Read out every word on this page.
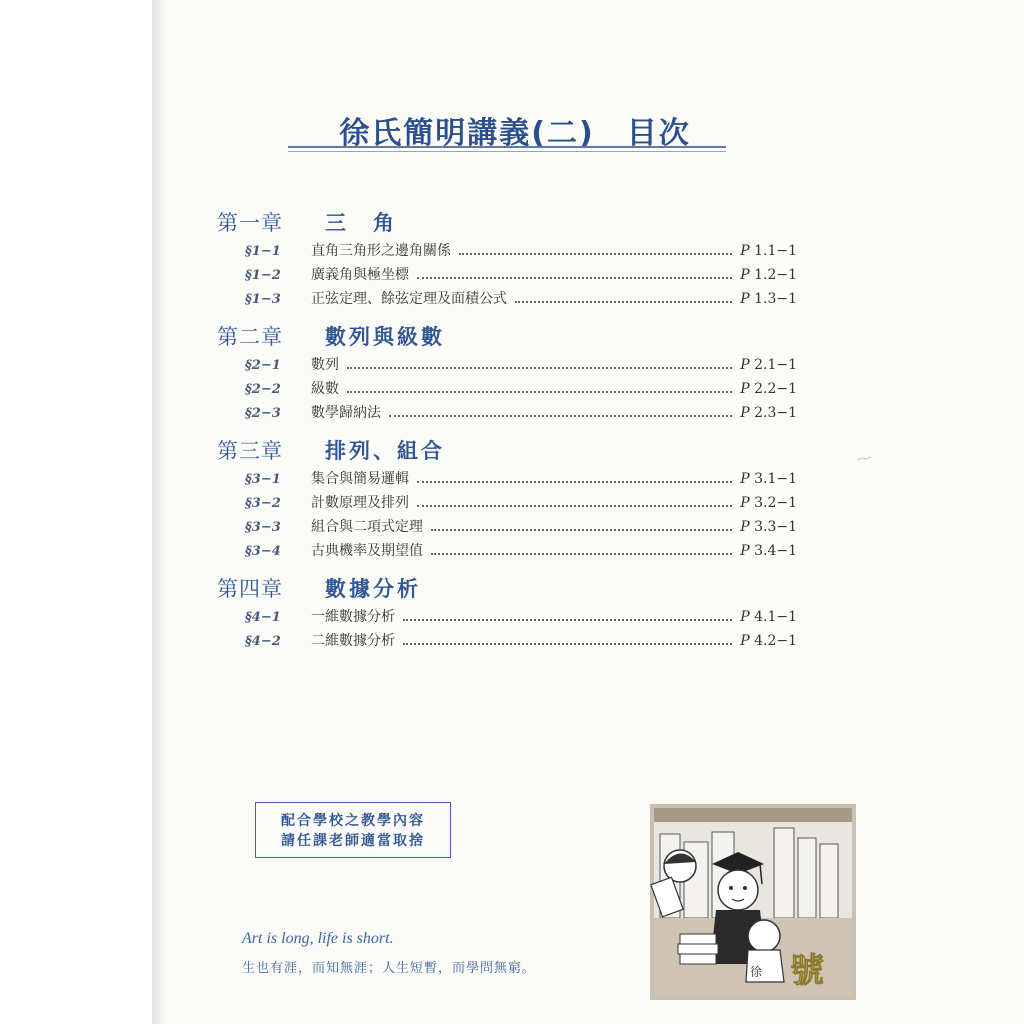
徐氏簡明講義(二)　目次
第一章	三　角
§1−1	直角三角形之邊角關係	P 1.1−1
§1−2	廣義角與極坐標	P 1.2−1
§1−3	正弦定理、餘弦定理及面積公式	P 1.3−1
第二章	數列與級數
§2−1	數列	P 2.1−1
§2−2	級數	P 2.2−1
§2−3	數學歸納法	P 2.3−1
第三章	排列、組合
§3−1	集合與簡易邏輯	P 3.1−1
§3−2	計數原理及排列	P 3.2−1
§3−3	組合與二項式定理	P 3.3−1
§3−4	古典機率及期望值	P 3.4−1
第四章	數據分析
§4−1	一維數據分析	P 4.1−1
§4−2	二維數據分析	P 4.2−1
配合學校之教學內容
請任課老師適當取捨
Art is long, life is short.
生也有涯，而知無涯；人生短暫，而學問無窮。	徐 號
